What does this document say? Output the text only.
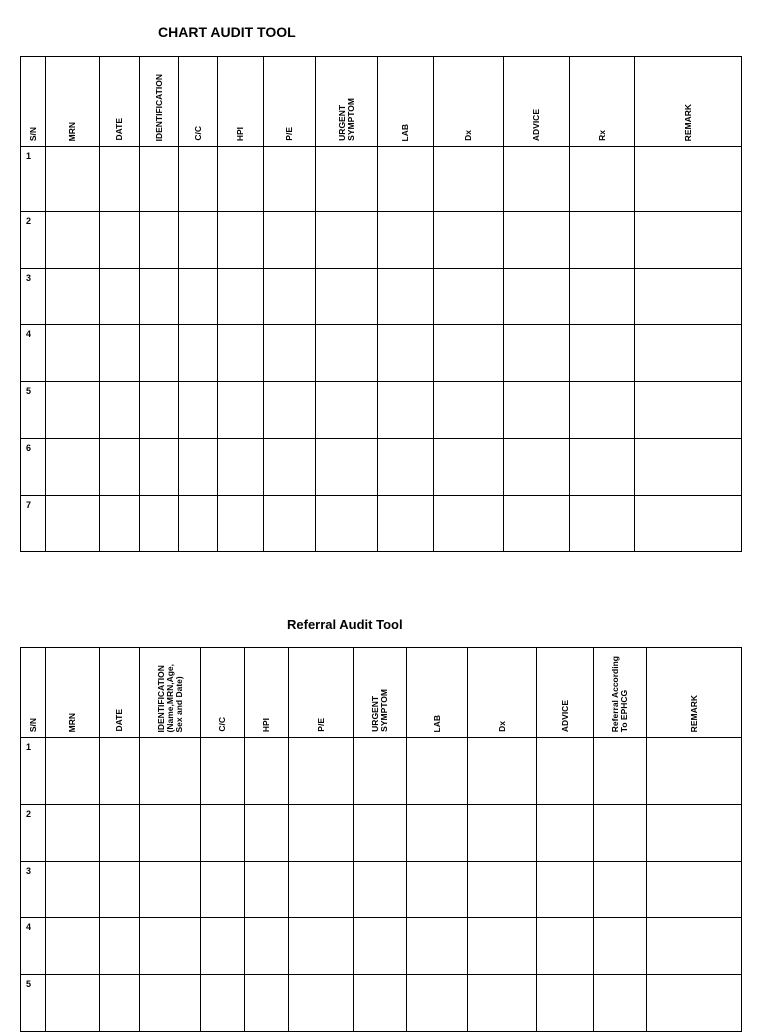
CHART AUDIT TOOL
S/N	MRN	DATE	IDENTIFICATION	C/C	HPI	P/E	URGENT SYMPTOM	LAB	Dx	ADVICE	Rx	REMARK

1												

2												

3												

4												

5												

6												

7												

Referral Audit Tool
S/N	MRN	DATE	IDENTIFICATION (Name,MRN,Age, Sex and Date)	C/C	HPI	P/E	URGENT SYMPTOM	LAB	Dx	ADVICE	Referral According To EPHCG	REMARK

1												

2												

3												

4												

5												
